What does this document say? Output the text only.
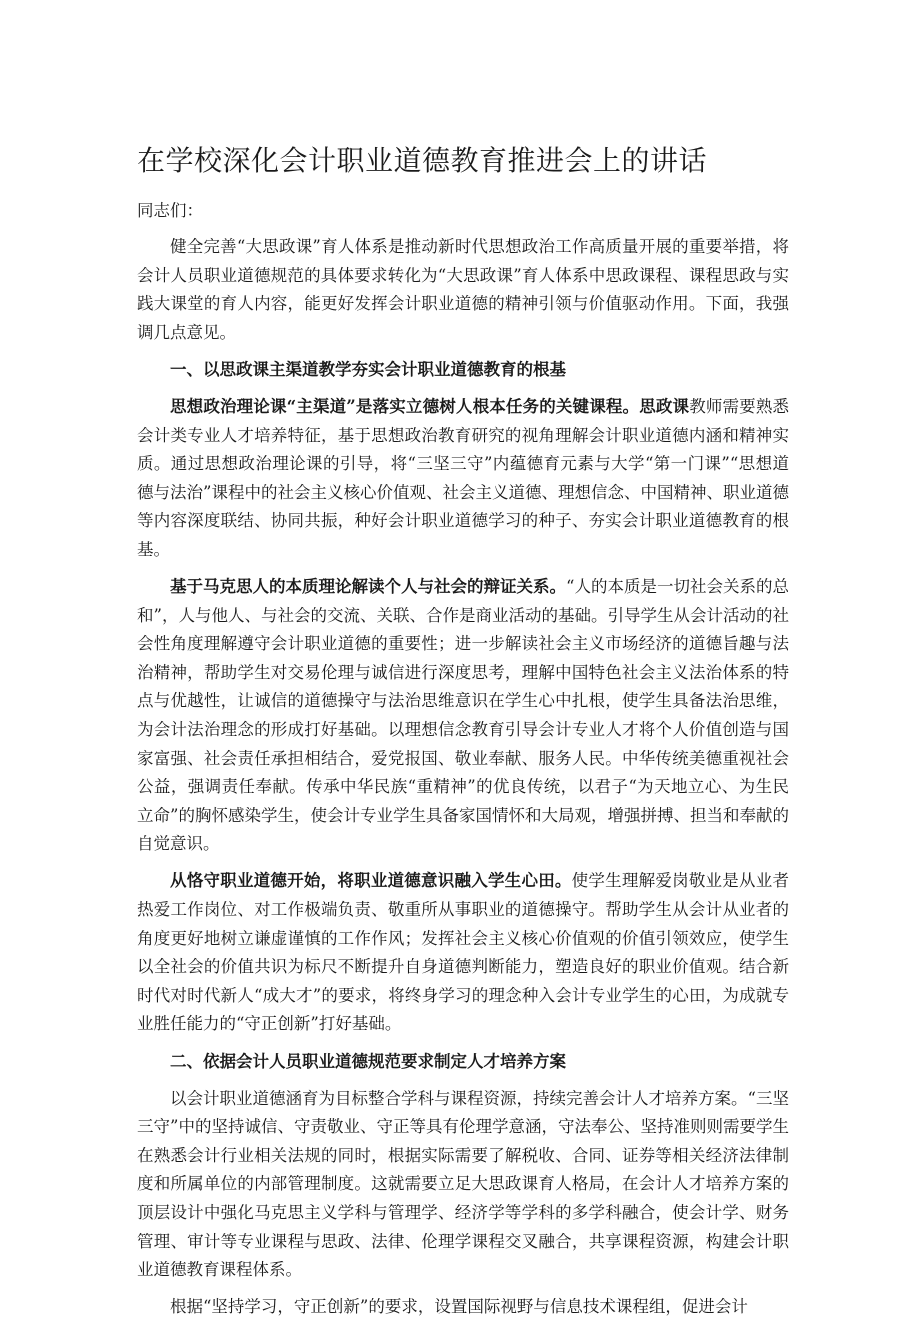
在学校深化会计职业道德教育推进会上的讲话

同志们：

健全完善“大思政课”育人体系是推动新时代思想政治工作高质量开展的重要举措，将会计人员职业道德规范的具体要求转化为“大思政课”育人体系中思政课程、课程思政与实践大课堂的育人内容，能更好发挥会计职业道德的精神引领与价值驱动作用。下面，我强调几点意见。

一、以思政课主渠道教学夯实会计职业道德教育的根基

思想政治理论课“主渠道”是落实立德树人根本任务的关键课程。思政课教师需要熟悉会计类专业人才培养特征，基于思想政治教育研究的视角理解会计职业道德内涵和精神实质。通过思想政治理论课的引导，将“三坚三守”内蕴德育元素与大学“第一门课”“思想道德与法治”课程中的社会主义核心价值观、社会主义道德、理想信念、中国精神、职业道德等内容深度联结、协同共振，种好会计职业道德学习的种子、夯实会计职业道德教育的根基。

基于马克思人的本质理论解读个人与社会的辩证关系。“人的本质是一切社会关系的总和”，人与他人、与社会的交流、关联、合作是商业活动的基础。引导学生从会计活动的社会性角度理解遵守会计职业道德的重要性；进一步解读社会主义市场经济的道德旨趣与法治精神，帮助学生对交易伦理与诚信进行深度思考，理解中国特色社会主义法治体系的特点与优越性，让诚信的道德操守与法治思维意识在学生心中扎根，使学生具备法治思维，为会计法治理念的形成打好基础。以理想信念教育引导会计专业人才将个人价值创造与国家富强、社会责任承担相结合，爱党报国、敬业奉献、服务人民。中华传统美德重视社会公益，强调责任奉献。传承中华民族“重精神”的优良传统，以君子“为天地立心、为生民立命”的胸怀感染学生，使会计专业学生具备家国情怀和大局观，增强拼搏、担当和奉献的自觉意识。

从恪守职业道德开始，将职业道德意识融入学生心田。使学生理解爱岗敬业是从业者热爱工作岗位、对工作极端负责、敬重所从事职业的道德操守。帮助学生从会计从业者的角度更好地树立谦虚谨慎的工作作风；发挥社会主义核心价值观的价值引领效应，使学生以全社会的价值共识为标尺不断提升自身道德判断能力，塑造良好的职业价值观。结合新时代对时代新人“成大才”的要求，将终身学习的理念种入会计专业学生的心田，为成就专业胜任能力的“守正创新”打好基础。

二、依据会计人员职业道德规范要求制定人才培养方案

以会计职业道德涵育为目标整合学科与课程资源，持续完善会计人才培养方案。“三坚三守”中的坚持诚信、守责敬业、守正等具有伦理学意涵，守法奉公、坚持准则则需要学生在熟悉会计行业相关法规的同时，根据实际需要了解税收、合同、证券等相关经济法律制度和所属单位的内部管理制度。这就需要立足大思政课育人格局，在会计人才培养方案的顶层设计中强化马克思主义学科与管理学、经济学等学科的多学科融合，使会计学、财务管理、审计等专业课程与思政、法律、伦理学课程交叉融合，共享课程资源，构建会计职业道德教育课程体系。

根据“坚持学习，守正创新”的要求，设置国际视野与信息技术课程组，促进会计
